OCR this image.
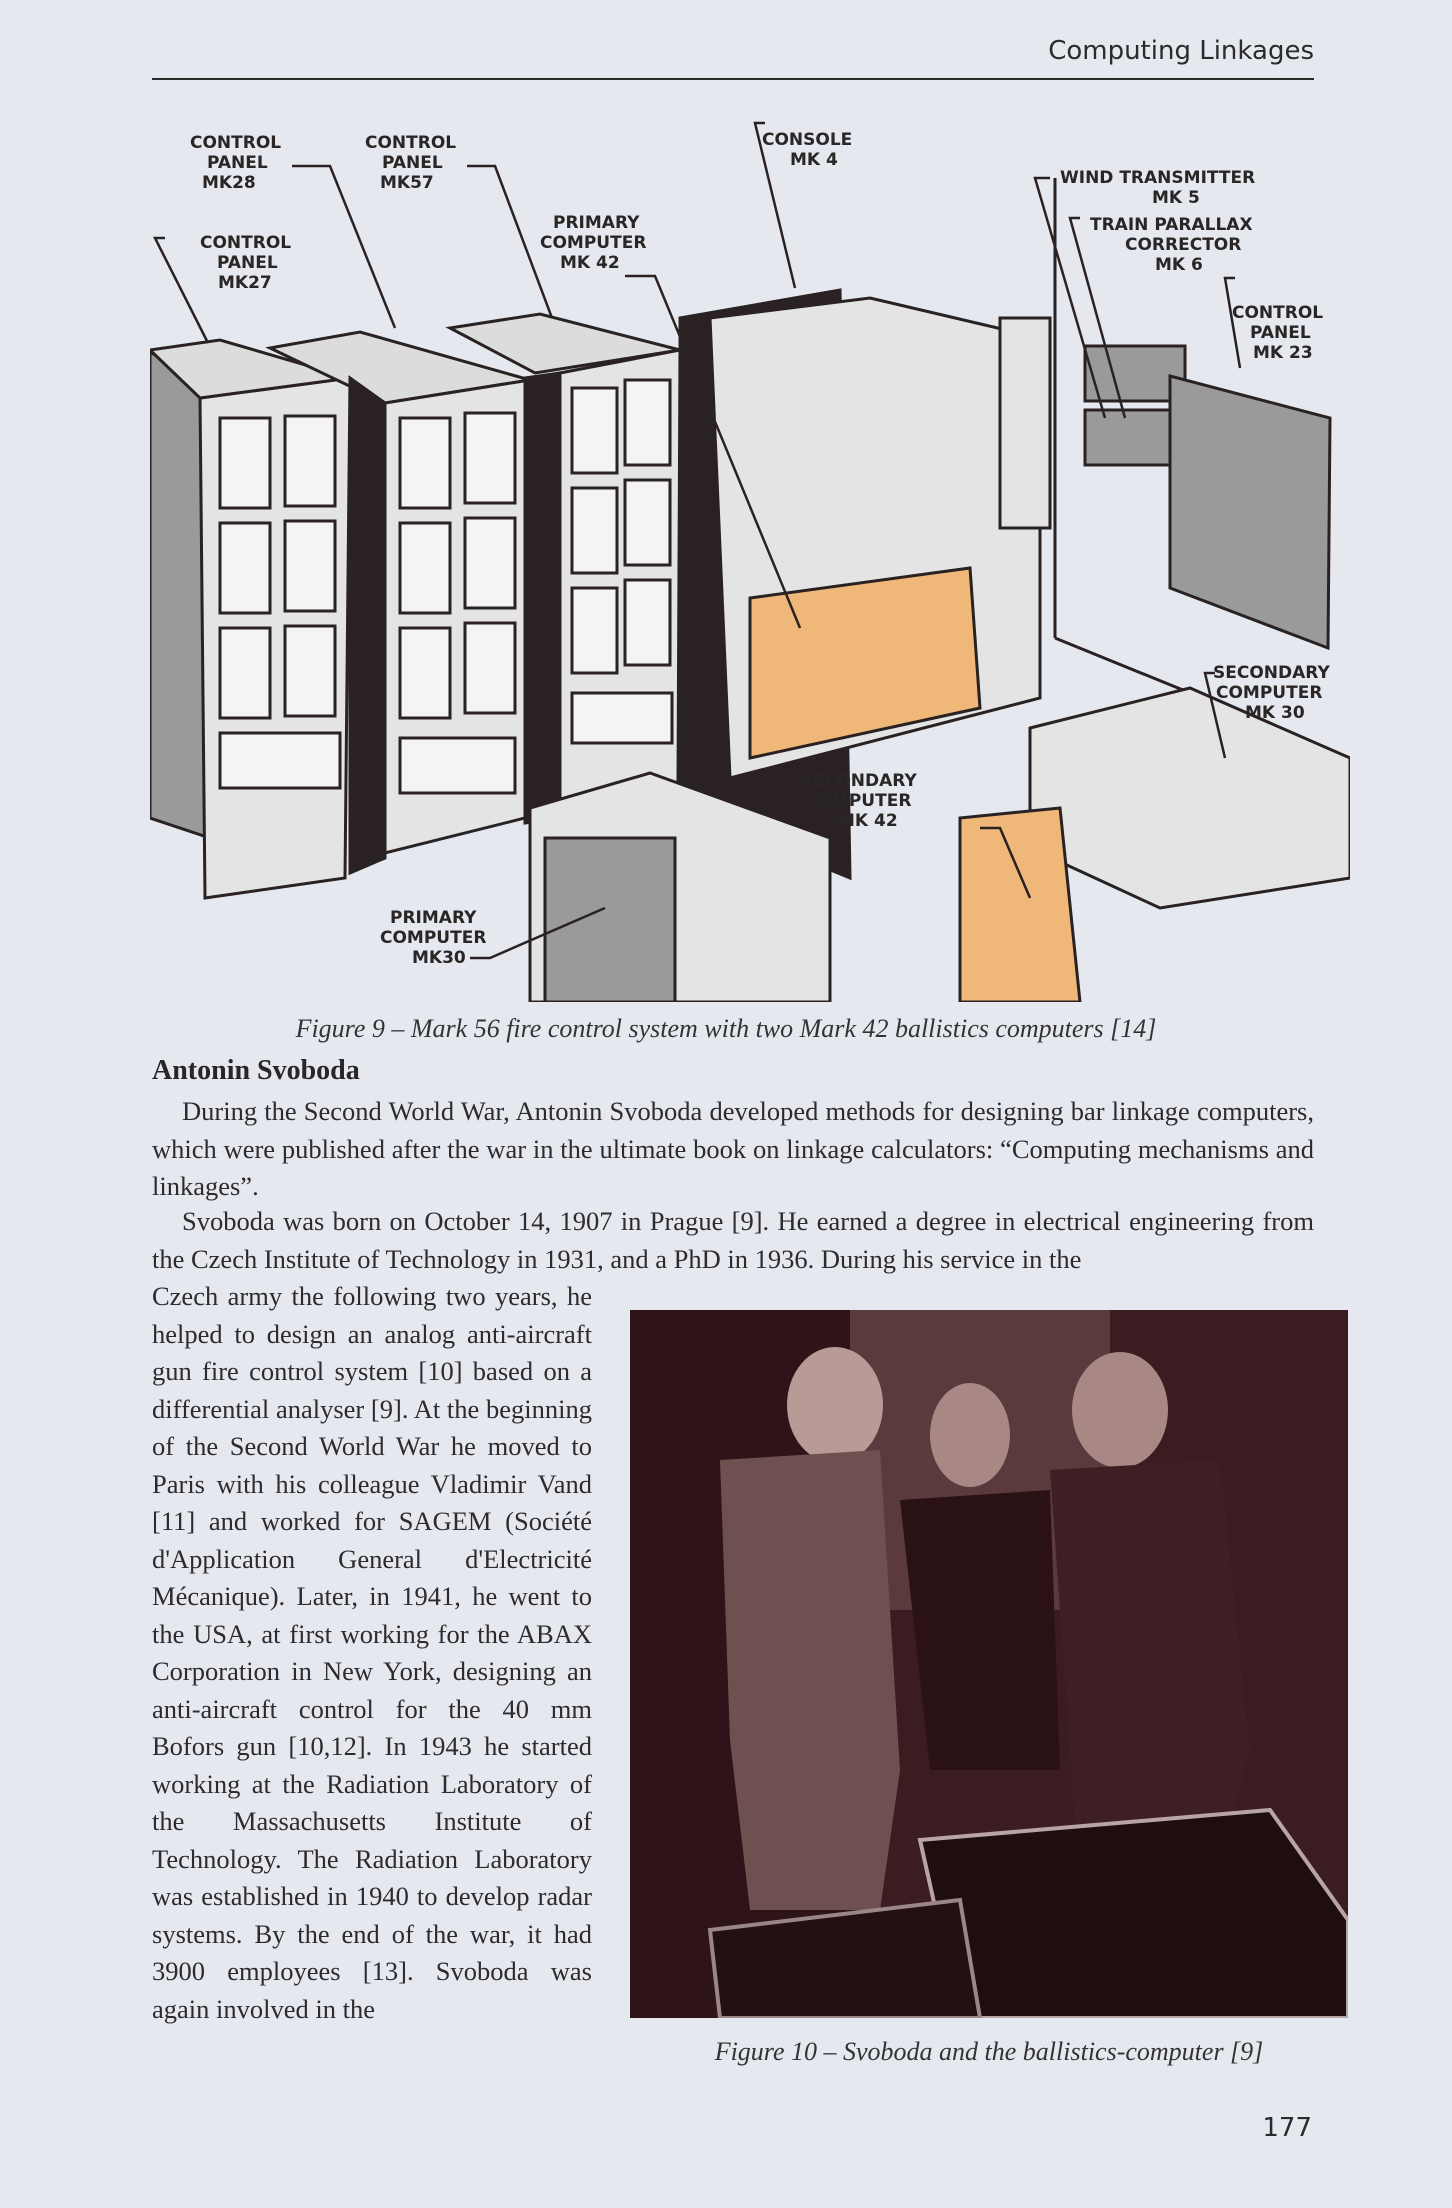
Computing Linkages
CONTROL PANEL MK28
CONTROL PANEL MK57
CONTROL PANEL MK27
PRIMARY COMPUTER MK 42
CONSOLE MK 4
WIND TRANSMITTER MK 5
TRAIN PARALLAX CORRECTOR MK 6
CONTROL PANEL MK 23
SECONDARY COMPUTER MK 30
SECONDARY COMPUTER MK 42
PRIMARY COMPUTER MK30
Figure 9 – Mark 56 fire control system with two Mark 42 ballistics computers [14]
Antonin Svoboda
During the Second World War, Antonin Svoboda developed methods for designing bar linkage computers, which were published after the war in the ultimate book on linkage calculators: “Computing mechanisms and linkages”.
Svoboda was born on October 14, 1907 in Prague [9]. He earned a degree in electrical engineering from the Czech Institute of Technology in 1931, and a PhD in 1936. During his service in the
Czech army the following two years, he helped to design an analog anti-aircraft gun fire control system [10] based on a differential analyser [9]. At the beginning of the Second World War he moved to Paris with his colleague Vladimir Vand [11] and worked for SAGEM (Société d'Application General d'Electricité Mécanique). Later, in 1941, he went to the USA, at first working for the ABAX Corporation in New York, designing an anti-aircraft control for the 40 mm Bofors gun [10,12]. In 1943 he started working at the Radiation Laboratory of the Massachusetts Institute of Technology. The Radiation Laboratory was established in 1940 to develop radar systems. By the end of the war, it had 3900 employees [13]. Svoboda was again involved in the
Figure 10 – Svoboda and the ballistics-computer [9]
177
